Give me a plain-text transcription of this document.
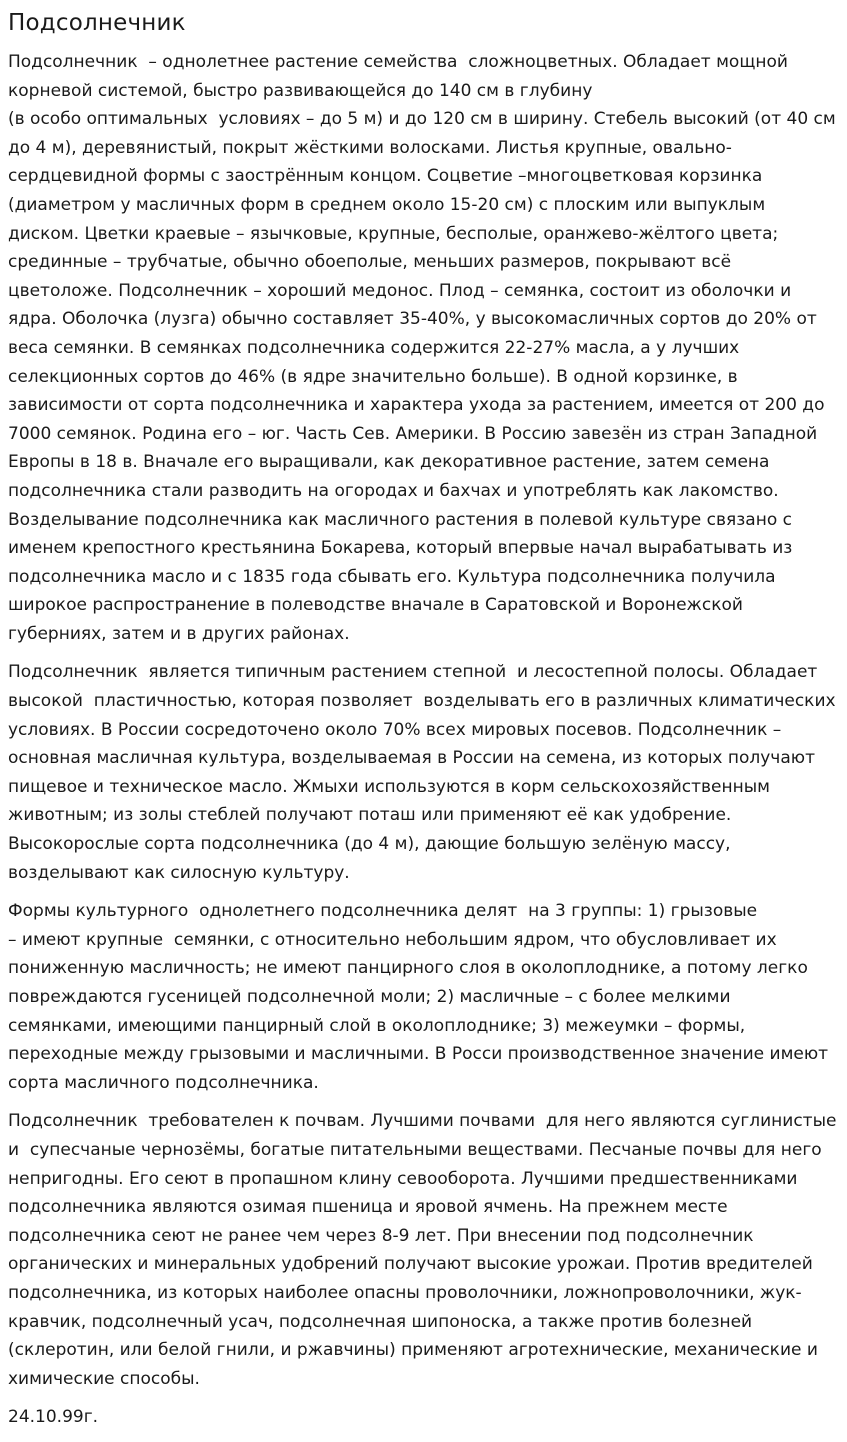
Подсолнечник

Подсолнечник  – однолетнее растение семейства  сложноцветных. Обладает мощной корневой системой, быстро развивающейся до 140 см в глубину
(в особо оптимальных  условиях – до 5 м) и до 120 см в ширину. Стебель высокий (от 40 см до 4 м), деревянистый, покрыт жёсткими волосками. Листья крупные, овально-сердцевидной формы с заострённым концом. Соцветие –многоцветковая корзинка (диаметром у масличных форм в среднем около 15-20 см) с плоским или выпуклым диском. Цветки краевые – язычковые, крупные, бесполые, оранжево-жёлтого цвета; срединные – трубчатые, обычно обоеполые, меньших размеров, покрывают всё цветоложе. Подсолнечник – хороший медонос. Плод – семянка, состоит из оболочки и ядра. Оболочка (лузга) обычно составляет 35-40%, у высокомасличных сортов до 20% от веса семянки. В семянках подсолнечника содержится 22-27% масла, а у лучших селекционных сортов до 46% (в ядре значительно больше). В одной корзинке, в зависимости от сорта подсолнечника и характера ухода за растением, имеется от 200 до 7000 семянок. Родина его – юг. Часть Сев. Америки. В Россию завезён из стран Западной Европы в 18 в. Вначале его выращивали, как декоративное растение, затем семена подсолнечника стали разводить на огородах и бахчах и употреблять как лакомство. Возделывание подсолнечника как масличного растения в полевой культуре связано с именем крепостного крестьянина Бокарева, который впервые начал вырабатывать из подсолнечника масло и с 1835 года сбывать его. Культура подсолнечника получила широкое распространение в полеводстве вначале в Саратовской и Воронежской губерниях, затем и в других районах.

Подсолнечник  является типичным растением степной  и лесостепной полосы. Обладает высокой  пластичностью, которая позволяет  возделывать его в различных климатических условиях. В России сосредоточено около 70% всех мировых посевов. Подсолнечник – основная масличная культура, возделываемая в России на семена, из которых получают пищевое и техническое масло. Жмыхи используются в корм сельскохозяйственным животным; из золы стеблей получают поташ или применяют её как удобрение. Высокорослые сорта подсолнечника (до 4 м), дающие большую зелёную массу, возделывают как силосную культуру.

Формы культурного  однолетнего подсолнечника делят  на 3 группы: 1) грызовые
– имеют крупные  семянки, с относительно небольшим ядром, что обусловливает их пониженную масличность; не имеют панцирного слоя в околоплоднике, а потому легко повреждаются гусеницей подсолнечной моли; 2) масличные – с более мелкими семянками, имеющими панцирный слой в околоплоднике; 3) межеумки – формы, переходные между грызовыми и масличными. В Росси производственное значение имеют сорта масличного подсолнечника.

Подсолнечник  требователен к почвам. Лучшими почвами  для него являются суглинистые и  супесчаные чернозёмы, богатые питательными веществами. Песчаные почвы для него непригодны. Его сеют в пропашном клину севооборота. Лучшими предшественниками подсолнечника являются озимая пшеница и яровой ячмень. На прежнем месте подсолнечника сеют не ранее чем через 8-9 лет. При внесении под подсолнечник органических и минеральных удобрений получают высокие урожаи. Против вредителей подсолнечника, из которых наиболее опасны проволочники, ложнопроволочники, жук-кравчик, подсолнечный усач, подсолнечная шипоноска, а также против болезней (склеротин, или белой гнили, и ржавчины) применяют агротехнические, механические и химические способы.

24.10.99г.
